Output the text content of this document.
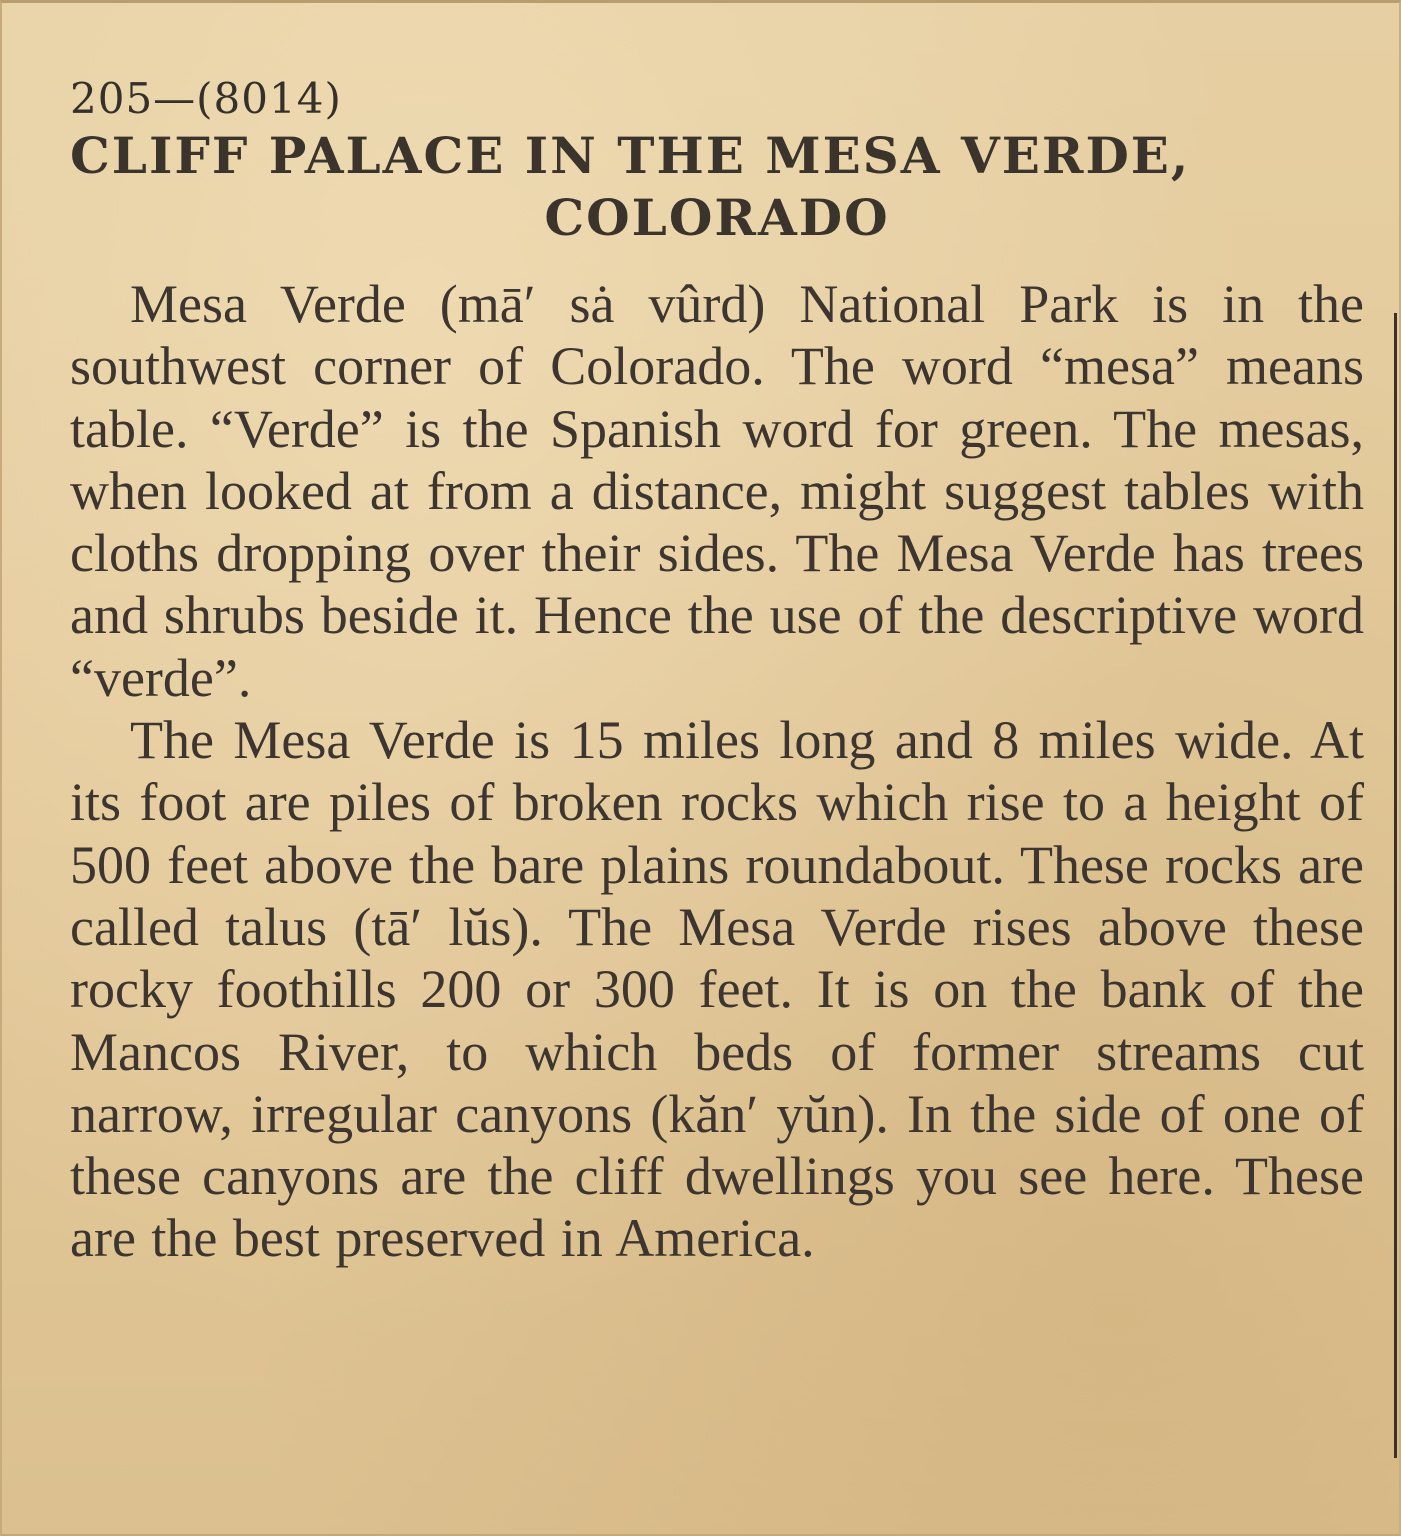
205—(8014)
CLIFF PALACE IN THE MESA VERDE,
COLORADO

Mesa Verde (mā′ sȧ vûrd) National Park is in the southwest corner of Colorado. The word “mesa” means table. “Verde” is the Spanish word for green. The mesas, when looked at from a distance, might suggest tables with cloths dropping over their sides. The Mesa Verde has trees and shrubs beside it. Hence the use of the descriptive word “verde”.

The Mesa Verde is 15 miles long and 8 miles wide. At its foot are piles of broken rocks which rise to a height of 500 feet above the bare plains roundabout. These rocks are called talus (tā′ lŭs). The Mesa Verde rises above these rocky foothills 200 or 300 feet. It is on the bank of the Mancos River, to which beds of former streams cut narrow, irregular canyons (kăn′ yŭn). In the side of one of these canyons are the cliff dwellings you see here. These are the best preserved in America.
